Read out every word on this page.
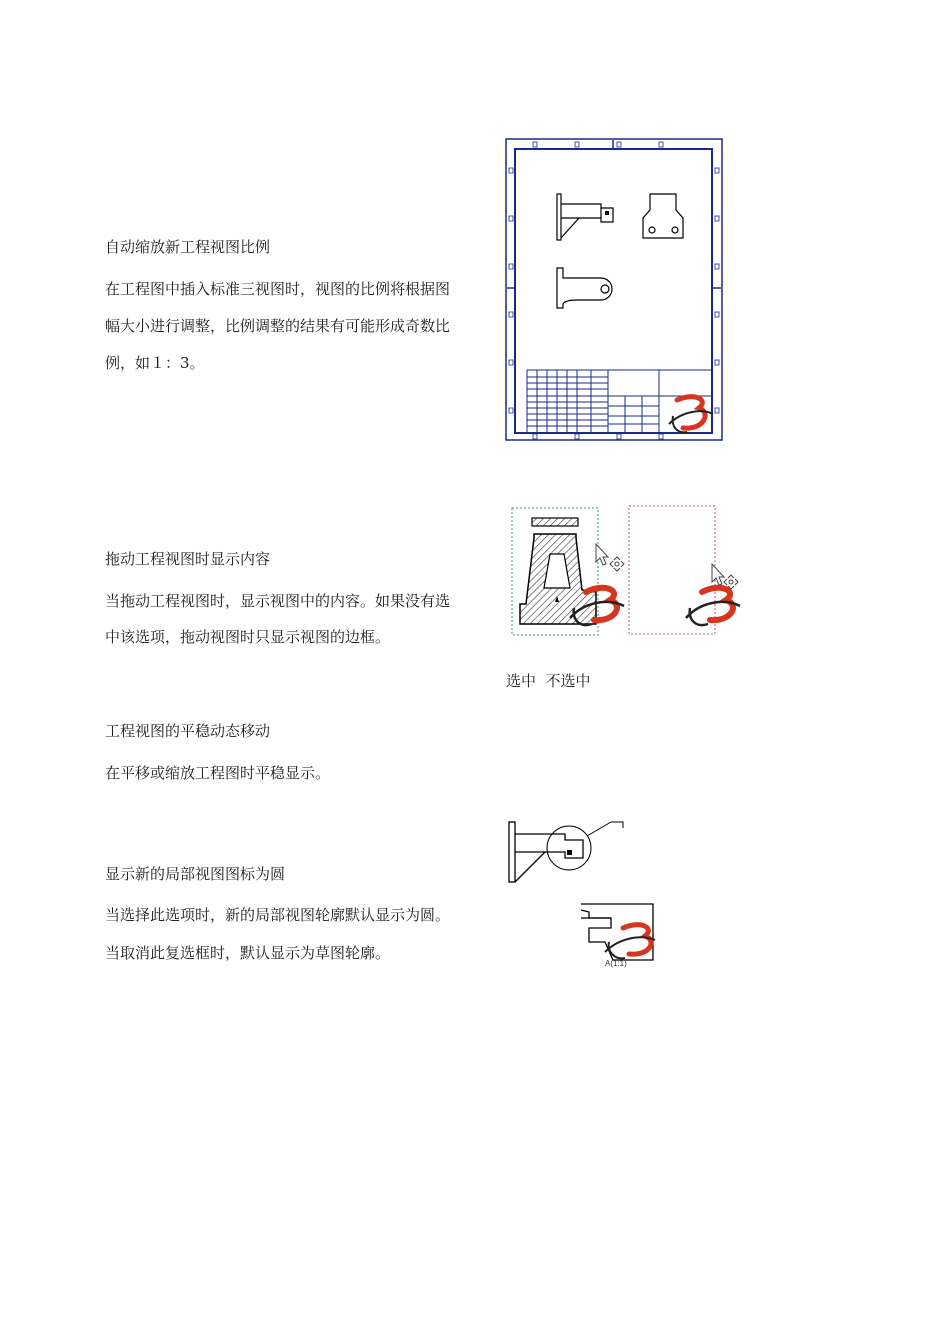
自动缩放新工程视图比例
在工程图中插入标准三视图时，视图的比例将根据图
幅大小进行调整，比例调整的结果有可能形成奇数比
例，如１：3。
拖动工程视图时显示内容
当拖动工程视图时，显示视图中的内容。如果没有选
中该选项，拖动视图时只显示视图的边框。
选中  不选中
工程视图的平稳动态移动
在平移或缩放工程图时平稳显示。
显示新的局部视图图标为圆
当选择此选项时，新的局部视图轮廓默认显示为圆。
当取消此复选框时，默认显示为草图轮廓。
A(1:1)
